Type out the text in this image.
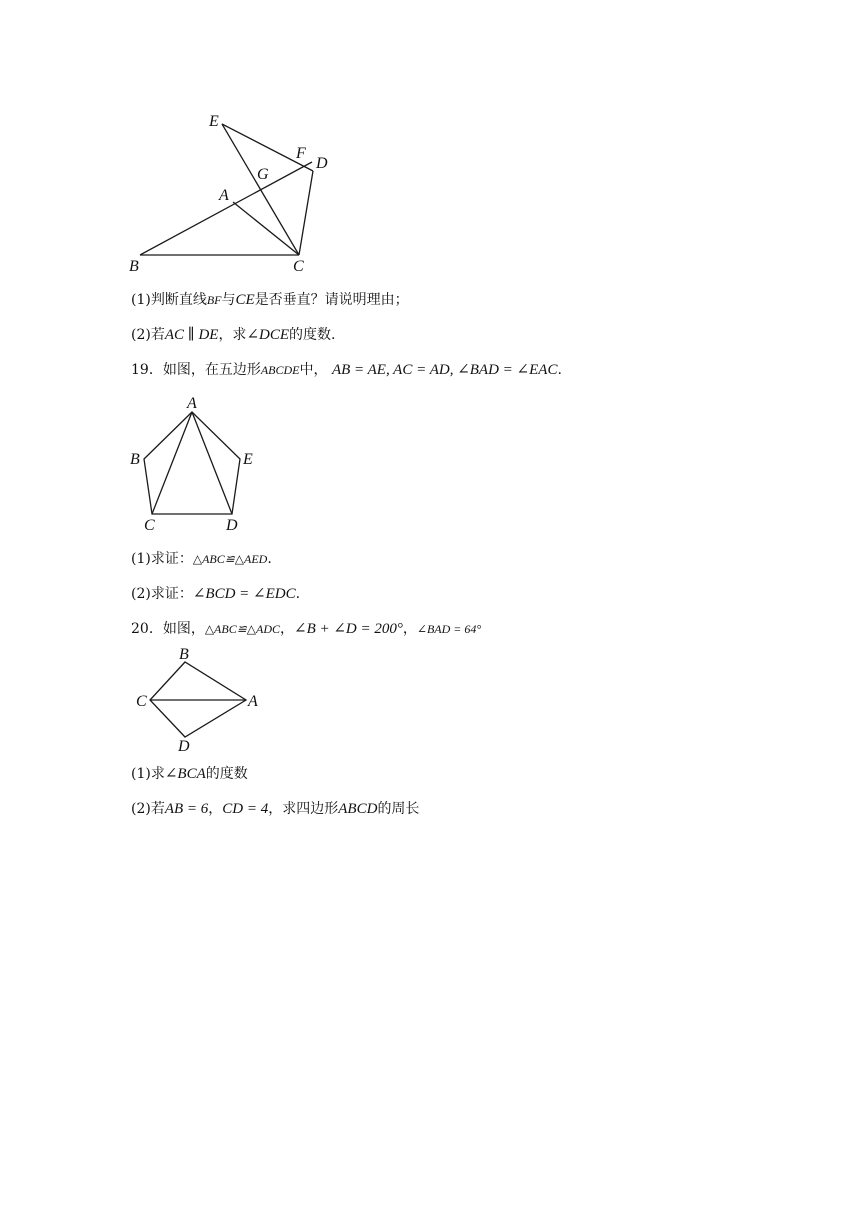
E
F
D
G
A
B	C
(1)判断直线BF与CE是否垂直？请说明理由；
(2)若AC ∥ DE，求∠DCE的度数.
19．如图，在五边形ABCDE中， AB = AE, AC = AD, ∠BAD = ∠EAC.
A
B	E
C	D
(1)求证：△ABC≌△AED.
(2)求证：∠BCD = ∠EDC.
20．如图，△ABC≌△ADC，∠B + ∠D = 200°，∠BAD = 64°
B
C	A
D
(1)求∠BCA的度数
(2)若AB = 6，CD = 4，求四边形ABCD的周长
